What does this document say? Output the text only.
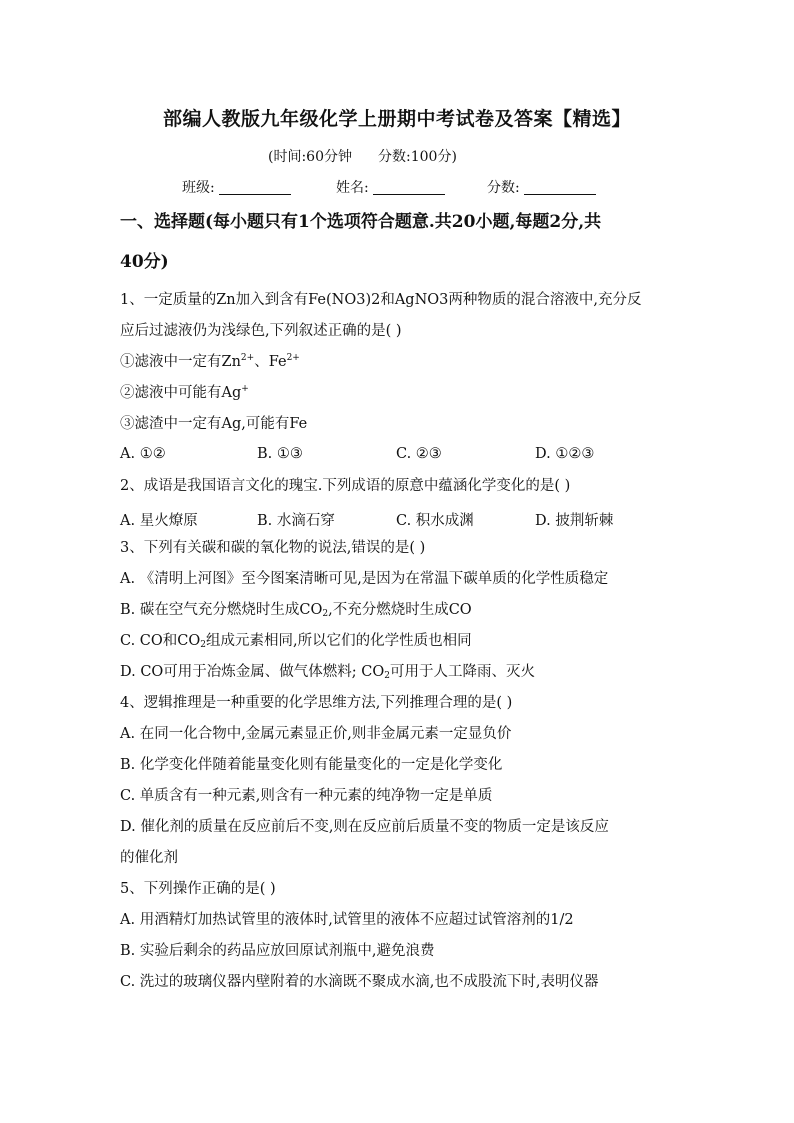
部编人教版九年级化学上册期中考试卷及答案【精选】
(时间:60分钟 分数:100分)
班级:	姓名:	分数:
一、选择题(每小题只有1个选项符合题意.共20小题,每题2分,共
40分)
1、一定质量的Zn加入到含有Fe(NO3)2和AgNO3两种物质的混合溶液中,充分反
应后过滤液仍为浅绿色,下列叙述正确的是( )
①滤液中一定有$Zn^{2+}$、$Fe^{2+}$
②滤液中可能有Ag+
③滤渣中一定有Ag,可能有Fe
A. ①②	B. ①③	C. ②③	D. ①②③
2、成语是我国语言文化的瑰宝.下列成语的原意中蕴涵化学变化的是( )
A. 星火燎原	B. 水滴石穿	C. 积水成渊	D. 披荆斩棘
3、下列有关碳和碳的氧化物的说法,错误的是( )
A. 《清明上河图》至今图案清晰可见,是因为在常温下碳单质的化学性质稳定
B. 碳在空气充分燃烧时生成$CO_2$,不充分燃烧时生成CO
C. CO和$CO_2$组成元素相同,所以它们的化学性质也相同
D. CO可用于冶炼金属、做气体燃料; $CO_2$可用于人工降雨、灭火
4、逻辑推理是一种重要的化学思维方法,下列推理合理的是( )
A. 在同一化合物中,金属元素显正价,则非金属元素一定显负价
B. 化学变化伴随着能量变化则有能量变化的一定是化学变化
C. 单质含有一种元素,则含有一种元素的纯净物一定是单质
D. 催化剂的质量在反应前后不变,则在反应前后质量不变的物质一定是该反应
的催化剂
5、下列操作正确的是( )
A. 用酒精灯加热试管里的液体时,试管里的液体不应超过试管溶剂的1/2
B. 实验后剩余的药品应放回原试剂瓶中,避免浪费
C. 洗过的玻璃仪器内壁附着的水滴既不聚成水滴,也不成股流下时,表明仪器
